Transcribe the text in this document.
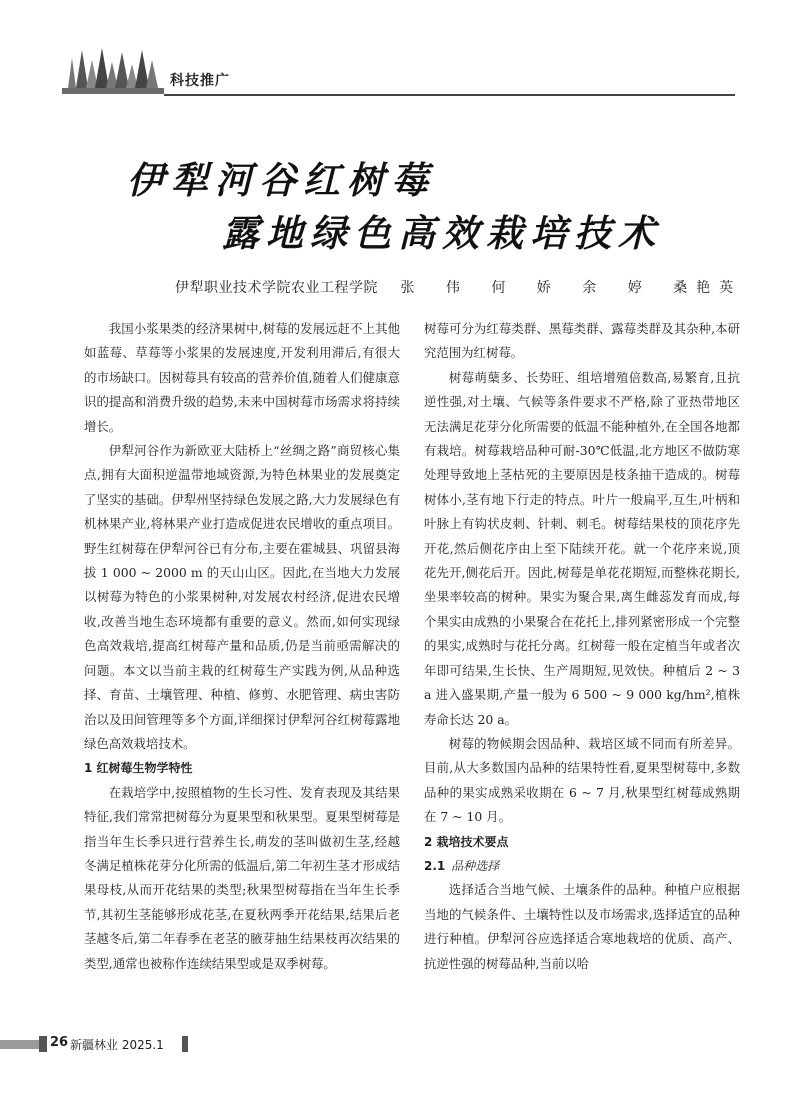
科技推广
伊犁河谷红树莓
露地绿色高效栽培技术
伊犁职业技术学院农业工程学院 张 伟 何 娇 余 婷 桑艳英

我国小浆果类的经济果树中,树莓的发展远赶不上其他如蓝莓、草莓等小浆果的发展速度,开发利用滞后,有很大的市场缺口。因树莓具有较高的营养价值,随着人们健康意识的提高和消费升级的趋势,未来中国树莓市场需求将持续增长。

伊犁河谷作为新欧亚大陆桥上“丝绸之路”商贸核心集点,拥有大面积逆温带地域资源,为特色林果业的发展奠定了坚实的基础。伊犁州坚持绿色发展之路,大力发展绿色有机林果产业,将林果产业打造成促进农民增收的重点项目。野生红树莓在伊犁河谷已有分布,主要在霍城县、巩留县海拔 1 000 ~ 2000 m 的天山山区。因此,在当地大力发展以树莓为特色的小浆果树种,对发展农村经济,促进农民增收,改善当地生态环境都有重要的意义。然而,如何实现绿色高效栽培,提高红树莓产量和品质,仍是当前亟需解决的问题。本文以当前主栽的红树莓生产实践为例,从品种选择、育苗、土壤管理、种植、修剪、水肥管理、病虫害防治以及田间管理等多个方面,详细探讨伊犁河谷红树莓露地绿色高效栽培技术。

1 红树莓生物学特性

在栽培学中,按照植物的生长习性、发育表现及其结果特征,我们常常把树莓分为夏果型和秋果型。夏果型树莓是指当年生长季只进行营养生长,萌发的茎叫做初生茎,经越冬满足植株花芽分化所需的低温后,第二年初生茎才形成结果母枝,从而开花结果的类型;秋果型树莓指在当年生长季节,其初生茎能够形成花茎,在夏秋两季开花结果,结果后老茎越冬后,第二年春季在老茎的腋芽抽生结果枝再次结果的类型,通常也被称作连续结果型或是双季树莓。

树莓可分为红莓类群、黑莓类群、露莓类群及其杂种,本研究范围为红树莓。

树莓萌蘖多、长势旺、组培增殖倍数高,易繁育,且抗逆性强,对土壤、气候等条件要求不严格,除了亚热带地区无法满足花芽分化所需要的低温不能种植外,在全国各地都有栽培。树莓栽培品种可耐-30℃低温,北方地区不做防寒处理导致地上茎枯死的主要原因是枝条抽干造成的。树莓树体小,茎有地下行走的特点。叶片一般扁平,互生,叶柄和叶脉上有钩状皮刺、针刺、刺毛。树莓结果枝的顶花序先开花,然后侧花序由上至下陆续开花。就一个花序来说,顶花先开,侧花后开。因此,树莓是单花花期短,而整株花期长,坐果率较高的树种。果实为聚合果,离生雌蕊发育而成,每个果实由成熟的小果聚合在花托上,排列紧密形成一个完整的果实,成熟时与花托分离。红树莓一般在定植当年或者次年即可结果,生长快、生产周期短,见效快。种植后 2 ~ 3 a 进入盛果期,产量一般为 6 500 ~ 9 000 kg/hm²,植株寿命长达 20 a。

树莓的物候期会因品种、栽培区域不同而有所差异。目前,从大多数国内品种的结果特性看,夏果型树莓中,多数品种的果实成熟采收期在 6 ~ 7 月,秋果型红树莓成熟期在 7 ~ 10 月。

2 栽培技术要点
2.1 品种选择

选择适合当地气候、土壤条件的品种。种植户应根据当地的气候条件、土壤特性以及市场需求,选择适宜的品种进行种植。伊犁河谷应选择适合寒地栽培的优质、高产、抗逆性强的树莓品种,当前以哈

26 新疆林业 2025.1
